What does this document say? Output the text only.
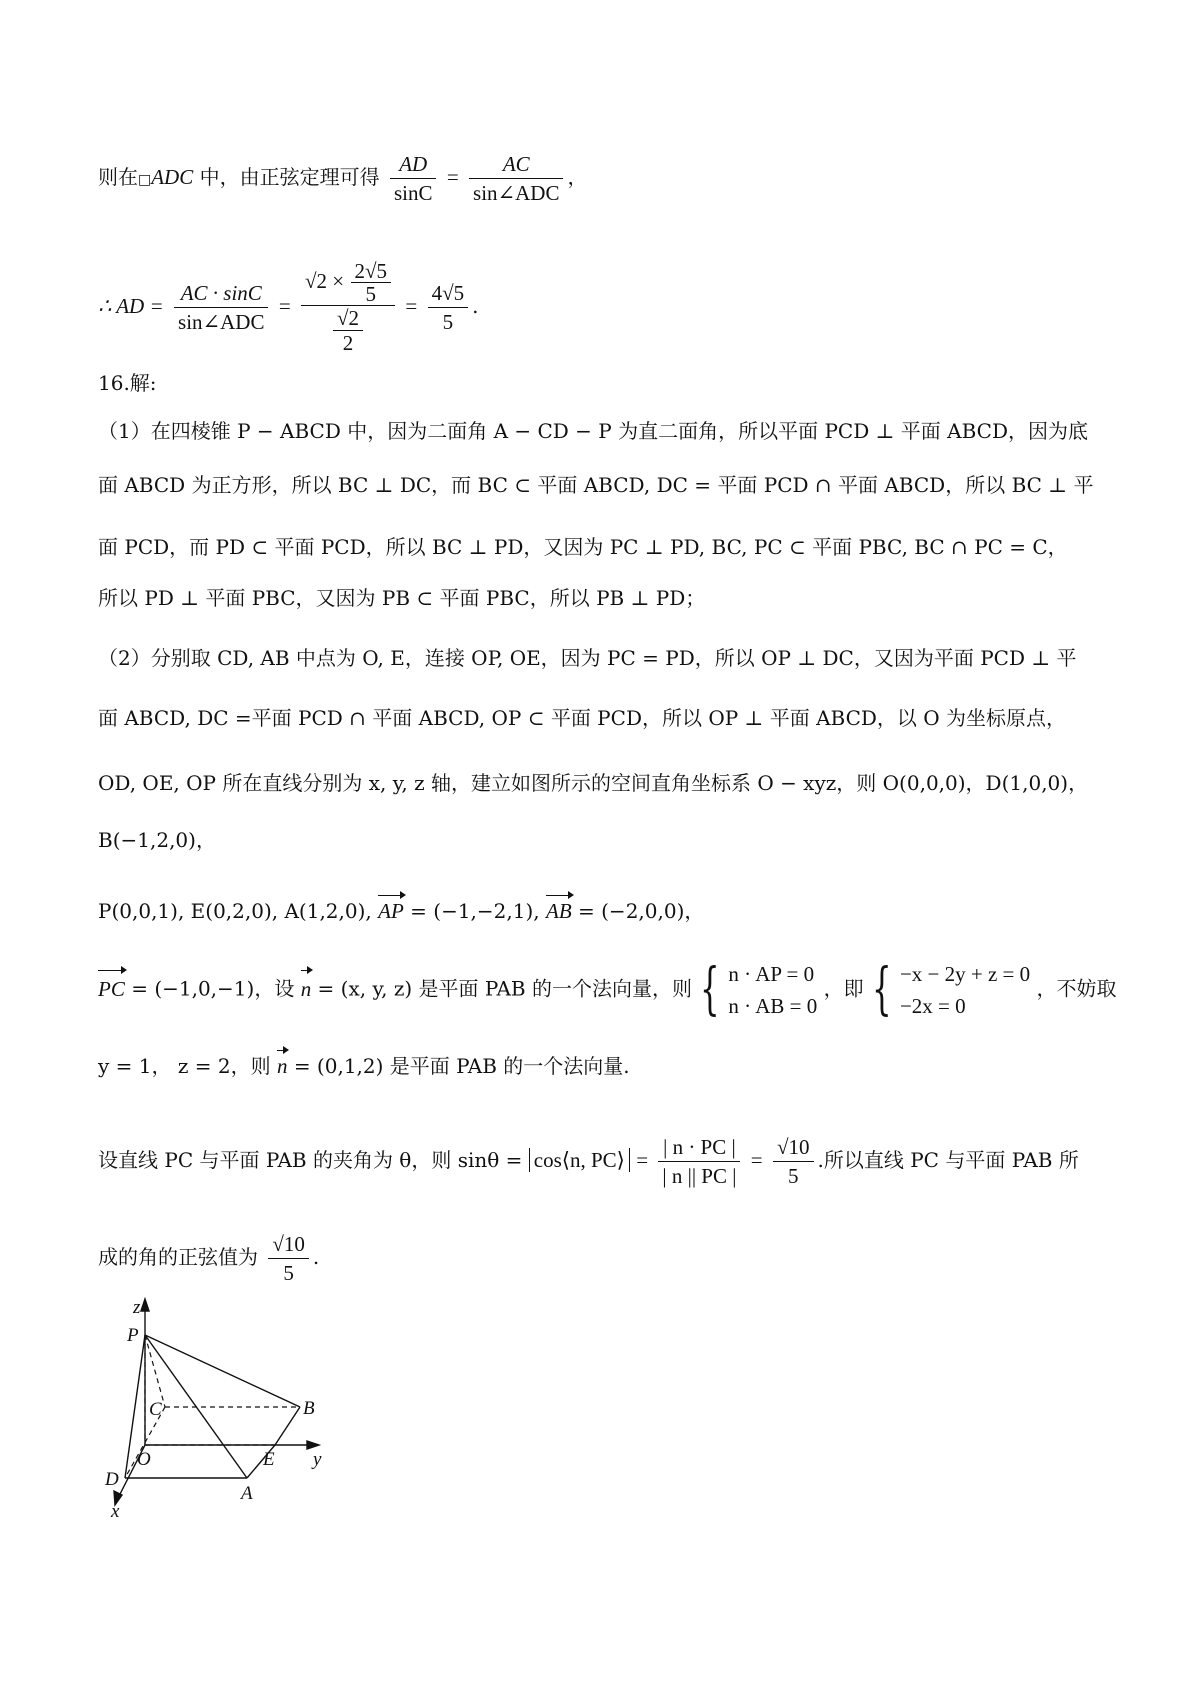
则在□ADC 中，由正弦定理可得 $\frac{AD}{\sin C} = \frac{AC}{\text{sin∠ADC}}$ ，
∴ AD = $\frac{AC \cdot \sin C}{\text{sin∠ADC}} = \frac{√2 \times \frac{2√5}{5}}{\frac{√2}{2}} = \frac{4√5}{5}$ .
16.解:
（1）在四棱锥 P − ABCD 中，因为二面角 A − CD − P 为直二面角，所以平面 PCD ⊥ 平面 ABCD，因为底
面 ABCD 为正方形，所以 BC ⊥ DC，而 BC ⊂ 平面 ABCD, DC = 平面 PCD ∩ 平面 ABCD，所以 BC ⊥ 平
面 PCD，而 PD ⊂ 平面 PCD，所以 BC ⊥ PD，又因为 PC ⊥ PD, BC, PC ⊂ 平面 PBC, BC ∩ PC = C，
所以 PD ⊥ 平面 PBC，又因为 PB ⊂ 平面 PBC，所以 PB ⊥ PD；
（2）分别取 CD, AB 中点为 O, E，连接 OP, OE，因为 PC = PD，所以 OP ⊥ DC，又因为平面 PCD ⊥ 平
面 ABCD, DC =平面 PCD ∩ 平面 ABCD, OP ⊂ 平面 PCD，所以 OP ⊥ 平面 ABCD，以 O 为坐标原点，
OD, OE, OP 所在直线分别为 x, y, z 轴，建立如图所示的空间直角坐标系 O − xyz，则 O(0,0,0)，D(1,0,0)，
B(−1,2,0)，
P(0,0,1), E(0,2,0), A(1,2,0), AP = (−1,−2,1), AB = (−2,0,0)，
PC = (−1,0,−1)，设 n = (x, y, z) 是平面 PAB 的一个法向量，则 { n · AP = 0
n · AB = 0
，即 { −x − 2y + z = 0
−2x = 0
，不妨取
y = 1， z = 2，则 n = (0,1,2) 是平面 PAB 的一个法向量.
设直线 PC 与平面 PAB 的夹角为 θ，则 sinθ = cos⟨n, PC⟩ = $\frac{| n \cdot PC |}{| n || PC |} = \frac{√10}{5}$ .所以直线 PC 与平面 PAB 所
成的角的正弦值为 $\frac{√10}{5}$ .
z
P
C	B
O	E y
D
A
x
